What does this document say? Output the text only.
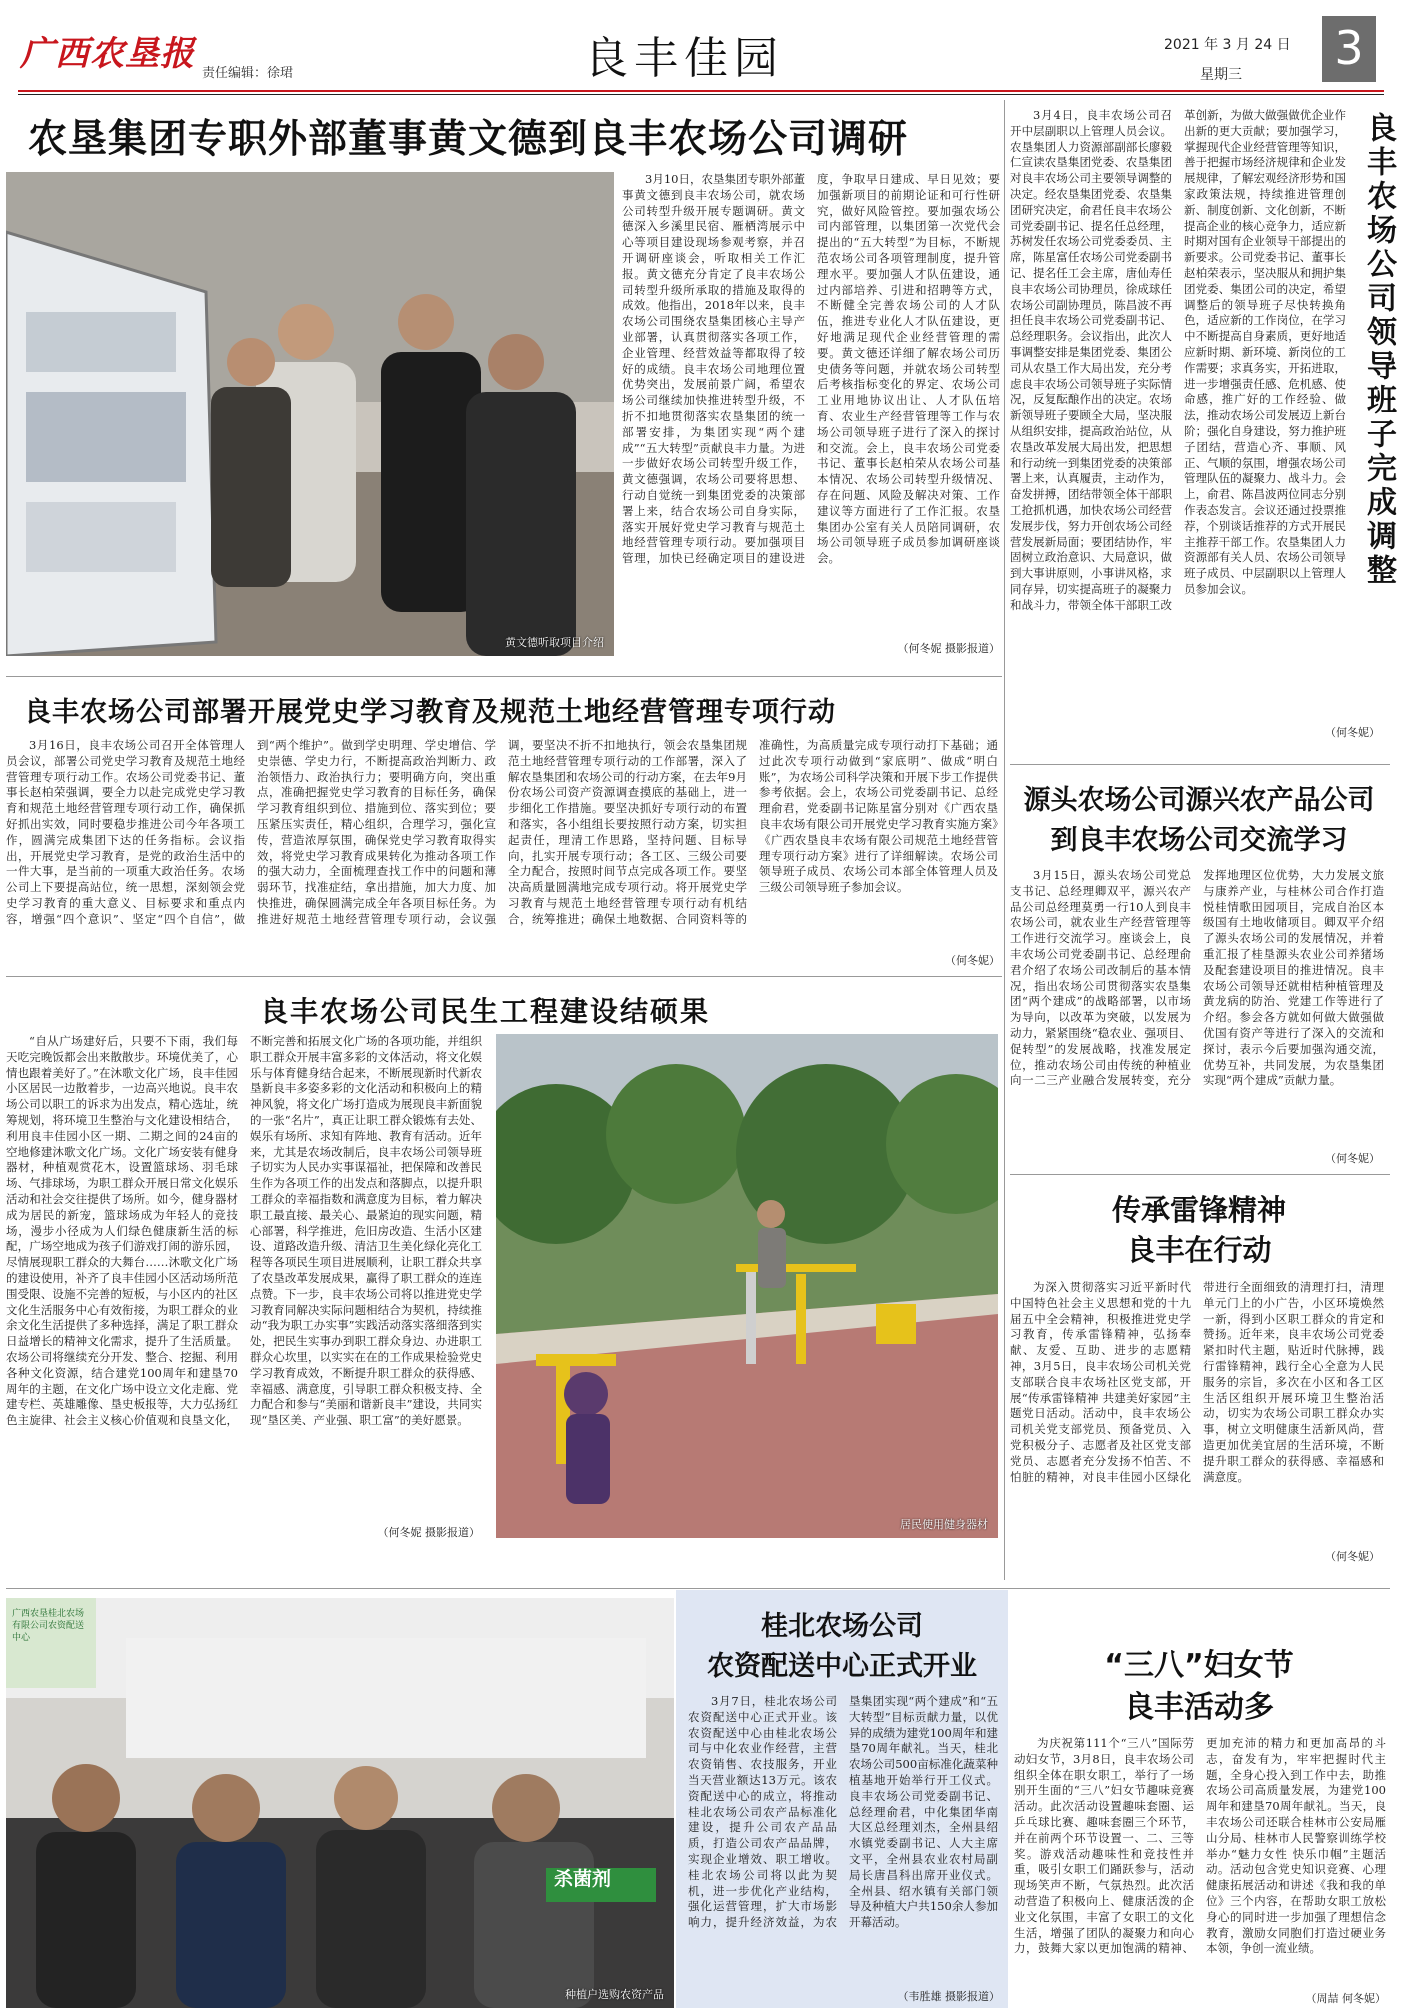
广西农垦报 责任编辑：徐珺	良丰佳园	2021 年 3 月 24 日
星期三 3
农垦集团专职外部董事黄文德到良丰农场公司调研
黄文德听取项目介绍
3月10日，农垦集团专职外部董事黄文德到良丰农场公司，就农场公司转型升级开展专题调研。黄文德深入乡溪里民宿、雁栖湾展示中心等项目建设现场参观考察，并召开调研座谈会，听取相关工作汇报。黄文德充分肯定了良丰农场公司转型升级所承取的措施及取得的成效。他指出，2018年以来，良丰农场公司围绕农垦集团核心主导产业部署，认真贯彻落实各项工作，企业管理、经营效益等都取得了较好的成绩。良丰农场公司地理位置优势突出，发展前景广阔，希望农场公司继续加快推进转型升级，不折不扣地贯彻落实农垦集团的统一部署安排，为集团实现“两个建成”“五大转型”贡献良丰力量。为进一步做好农场公司转型升级工作，黄文德强调，农场公司要将思想、行动自觉统一到集团党委的决策部署上来，结合农场公司自身实际，落实开展好党史学习教育与规范土地经营管理专项行动。要加强项目管理，加快已经确定项目的建设进度，争取早日建成、早日见效；要加强新项目的前期论证和可行性研究，做好风险管控。要加强农场公司内部管理，以集团第一次党代会提出的“五大转型”为目标，不断规范农场公司各项管理制度，提升管理水平。要加强人才队伍建设，通过内部培养、引进和招聘等方式，不断健全完善农场公司的人才队伍，推进专业化人才队伍建设，更好地满足现代企业经营管理的需要。黄文德还详细了解农场公司历史债务等问题，并就农场公司转型后考核指标变化的界定、农场公司工业用地协议出让、人才队伍培育、农业生产经营管理等工作与农场公司领导班子进行了深入的探讨和交流。会上，良丰农场公司党委书记、董事长赵柏荣从农场公司基本情况、农场公司转型升级情况、存在问题、风险及解决对策、工作建议等方面进行了工作汇报。农垦集团办公室有关人员陪同调研，农场公司领导班子成员参加调研座谈会。
（何冬妮 摄影报道）
良丰农场公司领导班子完成调整
3月4日，良丰农场公司召开中层副职以上管理人员会议。农垦集团人力资源部副部长廖毅仁宣读农垦集团党委、农垦集团对良丰农场公司主要领导调整的决定。经农垦集团党委、农垦集团研究决定，俞君任良丰农场公司党委副书记、提名任总经理，苏树发任农场公司党委委员、主席，陈星富任农场公司党委副书记、提名任工会主席，唐仙寿任良丰农场公司协理员，徐成球任农场公司副协理员，陈昌波不再担任良丰农场公司党委副书记、总经理职务。会议指出，此次人事调整安排是集团党委、集团公司从农垦工作大局出发，充分考虑良丰农场公司领导班子实际情况，反复酝酿作出的决定。农场新领导班子要顾全大局，坚决服从组织安排，提高政治站位，从农垦改革发展大局出发，把思想和行动统一到集团党委的决策部署上来，认真履责，主动作为，奋发拼搏，团结带领全体干部职工抢抓机遇，加快农场公司经营发展步伐，努力开创农场公司经营发展新局面；要团结协作，牢固树立政治意识、大局意识，做到大事讲原则，小事讲风格，求同存异，切实提高班子的凝聚力和战斗力，带领全体干部职工改革创新，为做大做强做优企业作出新的更大贡献；要加强学习，掌握现代企业经营管理等知识，善于把握市场经济规律和企业发展规律，了解宏观经济形势和国家政策法规，持续推进管理创新、制度创新、文化创新，不断提高企业的核心竞争力，适应新时期对国有企业领导干部提出的新要求。公司党委书记、董事长赵柏荣表示，坚决服从和拥护集团党委、集团公司的决定，希望调整后的领导班子尽快转换角色，适应新的工作岗位，在学习中不断提高自身素质，更好地适应新时期、新环境、新岗位的工作需要；求真务实，开拓进取，进一步增强责任感、危机感、使命感，推广好的工作经验、做法，推动农场公司发展迈上新台阶；强化自身建设，努力推护班子团结，营造心齐、事顺、风正、气顺的氛围，增强农场公司管理队伍的凝聚力、战斗力。会上，俞君、陈昌波两位同志分别作表态发言。会议还通过投票推荐，个别谈话推荐的方式开展民主推荐干部工作。农垦集团人力资源部有关人员、农场公司领导班子成员、中层副职以上管理人员参加会议。
（何冬妮）
良丰农场公司部署开展党史学习教育及规范土地经营管理专项行动
3月16日，良丰农场公司召开全体管理人员会议，部署公司党史学习教育及规范土地经营管理专项行动工作。农场公司党委书记、董事长赵柏荣强调，要全力以赴完成党史学习教育和规范土地经营管理专项行动工作，确保抓好抓出实效，同时要稳步推进公司今年各项工作，圆满完成集团下达的任务指标。会议指出，开展党史学习教育，是党的政治生活中的一件大事，是当前的一项重大政治任务。农场公司上下要提高站位，统一思想，深刻领会党史学习教育的重大意义、目标要求和重点内容，增强“四个意识”、坚定“四个自信”，做到“两个维护”。做到学史明理、学史增信、学史崇德、学史力行，不断提高政治判断力、政治领悟力、政治执行力；要明确方向，突出重点，准确把握党史学习教育的目标任务，确保学习教育组织到位、措施到位、落实到位；要压紧压实责任，精心组织，合理学习，强化宣传，营造浓厚氛围，确保党史学习教育取得实效，将党史学习教育成果转化为推动各项工作的强大动力，全面梳理查找工作中的问题和薄弱环节，找准症结，拿出措施，加大力度、加快推进，确保圆满完成全年各项目标任务。为推进好规范土地经营管理专项行动，会议强调，要坚决不折不扣地执行，领会农垦集团规范土地经营管理专项行动的工作部署，深入了解农垦集团和农场公司的行动方案，在去年9月份农场公司资产资源调查摸底的基础上，进一步细化工作措施。要坚决抓好专项行动的布置和落实，各小组组长要按照行动方案，切实担起责任，理清工作思路，坚持问题、目标导向，扎实开展专项行动；各工区、三级公司要全力配合，按照时间节点完成各项工作。要坚决高质量圆满地完成专项行动。将开展党史学习教育与规范土地经营管理专项行动有机结合，统筹推进；确保土地数据、合同资料等的准确性，为高质量完成专项行动打下基础；通过此次专项行动做到“家底明”、做成“明白账”，为农场公司科学决策和开展下步工作提供参考依据。会上，农场公司党委副书记、总经理俞君，党委副书记陈星富分别对《广西农垦良丰农场有限公司开展党史学习教育实施方案》《广西农垦良丰农场有限公司规范土地经营管理专项行动方案》进行了详细解读。农场公司领导班子成员、农场公司本部全体管理人员及三级公司领导班子参加会议。
（何冬妮）
源头农场公司源兴农产品公司
到良丰农场公司交流学习
3月15日，源头农场公司党总支书记、总经理卿双平，源兴农产品公司总经理莫勇一行10人到良丰农场公司，就农业生产经营管理等工作进行交流学习。座谈会上，良丰农场公司党委副书记、总经理俞君介绍了农场公司改制后的基本情况，指出农场公司贯彻落实农垦集团“两个建成”的战略部署，以市场为导向，以改革为突破，以发展为动力，紧紧围绕“稳农业、强项目、促转型”的发展战略，找准发展定位，推动农场公司由传统的种植业向一二三产业融合发展转变，充分发挥地理区位优势，大力发展文旅与康养产业，与桂林公司合作打造悦桂情歌田园项目，完成自治区本级国有土地收储项目。卿双平介绍了源头农场公司的发展情况，并着重汇报了桂垦源头农业公司养猪场及配套建设项目的推进情况。良丰农场公司领导还就柑桔种植管理及黄龙病的防治、党建工作等进行了介绍。参会各方就如何做大做强做优国有资产等进行了深入的交流和探讨，表示今后要加强沟通交流，优势互补，共同发展，为农垦集团实现“两个建成”贡献力量。
（何冬妮）
良丰农场公司民生工程建设结硕果
“自从广场建好后，只要不下雨，我们每天吃完晚饭都会出来散散步。环境优美了，心情也跟着美好了。”在沐歌文化广场，良丰佳园小区居民一边散着步，一边高兴地说。良丰农场公司以职工的诉求为出发点，精心选址，统筹规划，将环境卫生整治与文化建设相结合，利用良丰佳园小区一期、二期之间的24亩的空地修建沐歌文化广场。文化广场安装有健身器材，种植观赏花木，设置篮球场、羽毛球场、气排球场，为职工群众开展日常文化娱乐活动和社会交往提供了场所。如今，健身器材成为居民的新宠，篮球场成为年轻人的竞技场，漫步小径成为人们绿色健康新生活的标配，广场空地成为孩子们游戏打闹的游乐园，尽情展现职工群众的大舞台……沐歌文化广场的建设使用，补齐了良丰佳园小区活动场所范围受限、设施不完善的短板，与小区内的社区文化生活服务中心有效衔接，为职工群众的业余文化生活提供了多种选择，满足了职工群众日益增长的精神文化需求，提升了生活质量。农场公司将继续充分开发、整合、挖掘、利用各种文化资源，结合建党100周年和建垦70周年的主题，在文化广场中设立文化走廊、党建专栏、英雄雕像、垦史板报等，大力弘扬红色主旋律、社会主义核心价值观和良垦文化，不断完善和拓展文化广场的各项功能，并组织职工群众开展丰富多彩的文体活动，将文化娱乐与体育健身结合起来，不断展现新时代新农垦新良丰多姿多彩的文化活动和积极向上的精神风貌，将文化广场打造成为展现良丰新面貌的一张“名片”，真正让职工群众锻炼有去处、娱乐有场所、求知有阵地、教育有活动。近年来，尤其是农场改制后，良丰农场公司领导班子切实为人民办实事谋福祉，把保障和改善民生作为各项工作的出发点和落脚点，以提升职工群众的幸福指数和满意度为目标，着力解决职工最直接、最关心、最紧迫的现实问题，精心部署，科学推进，危旧房改造、生活小区建设、道路改造升级、清洁卫生美化绿化亮化工程等各项民生项目进展顺利，让职工群众共享了农垦改革发展成果，赢得了职工群众的连连点赞。下一步，良丰农场公司将以推进党史学习教育同解决实际问题相结合为契机，持续推动“我为职工办实事”实践活动落实落细落到实处，把民生实事办到职工群众身边、办进职工群众心坎里，以实实在在的工作成果检验党史学习教育成效，不断提升职工群众的获得感、幸福感、满意度，引导职工群众积极支持、全力配合和参与“美丽和谐新良丰”建设，共同实现“垦区美、产业强、职工富”的美好愿景。
居民使用健身器材
（何冬妮 摄影报道）
传承雷锋精神
良丰在行动
为深入贯彻落实习近平新时代中国特色社会主义思想和党的十九届五中全会精神，积极推进党史学习教育，传承雷锋精神，弘扬奉献、友爱、互助、进步的志愿精神，3月5日，良丰农场公司机关党支部联合良丰农场社区党支部，开展“传承雷锋精神 共建美好家园”主题党日活动。活动中，良丰农场公司机关党支部党员、预备党员、入党积极分子、志愿者及社区党支部党员、志愿者充分发扬不怕苦、不怕脏的精神，对良丰佳园小区绿化带进行全面细致的清理打扫，清理单元门上的小广告，小区环境焕然一新，得到小区职工群众的肯定和赞扬。近年来，良丰农场公司党委紧扣时代主题，贴近时代脉搏，践行雷锋精神，践行全心全意为人民服务的宗旨，多次在小区和各工区生活区组织开展环境卫生整治活动，切实为农场公司职工群众办实事，树立文明健康生活新风尚，营造更加优美宜居的生活环境，不断提升职工群众的获得感、幸福感和满意度。
（何冬妮）
杀菌剂
广西农垦桂北农场有限公司农资配送中心
种植户选购农资产品
桂北农场公司
农资配送中心正式开业
3月7日，桂北农场公司农资配送中心正式开业。该农资配送中心由桂北农场公司与中化农业作经营，主营农资销售、农技服务，开业当天营业额达13万元。该农资配送中心的成立，将推动桂北农场公司农产品标准化建设，提升公司农产品品质，打造公司农产品品牌，实现企业增效、职工增收。桂北农场公司将以此为契机，进一步优化产业结构，强化运营管理，扩大市场影响力，提升经济效益，为农垦集团实现“两个建成”和“五大转型”目标贡献力量，以优异的成绩为建党100周年和建垦70周年献礼。当天，桂北农场公司500亩标准化蔬菜种植基地开始举行开工仪式。良丰农场公司党委副书记、总经理俞君，中化集团华南大区总经理刘杰，全州县绍水镇党委副书记、人大主席文平，全州县农业农村局副局长唐昌科出席开业仪式。全州县、绍水镇有关部门领导及种植大户共150余人参加开幕活动。
（韦胜雄 摄影报道）
“三八”妇女节
良丰活动多
为庆祝第111个“三八”国际劳动妇女节，3月8日，良丰农场公司组织全体在职女职工，举行了一场别开生面的“三八”妇女节趣味竞赛活动。此次活动设置趣味套圈、运乒乓球比赛、趣味套圈三个环节，并在前两个环节设置一、二、三等奖。游戏活动趣味性和竞技性并重，吸引女职工们踊跃参与，活动现场笑声不断，气氛热烈。此次活动营造了积极向上、健康活泼的企业文化氛围，丰富了女职工的文化生活，增强了团队的凝聚力和向心力，鼓舞大家以更加饱满的精神、更加充沛的精力和更加高昂的斗志，奋发有为，牢牢把握时代主题，全身心投入到工作中去，助推农场公司高质量发展，为建党100周年和建垦70周年献礼。当天，良丰农场公司还联合桂林市公安局雁山分局、桂林市人民警察训练学校举办“魅力女性 快乐巾帼”主题活动。活动包含党史知识竞赛、心理健康拓展活动和讲述《我和我的单位》三个内容，在帮助女职工放松身心的同时进一步加强了理想信念教育，激励女同胞们打造过硬业务本领，争创一流业绩。
（周喆 何冬妮）
